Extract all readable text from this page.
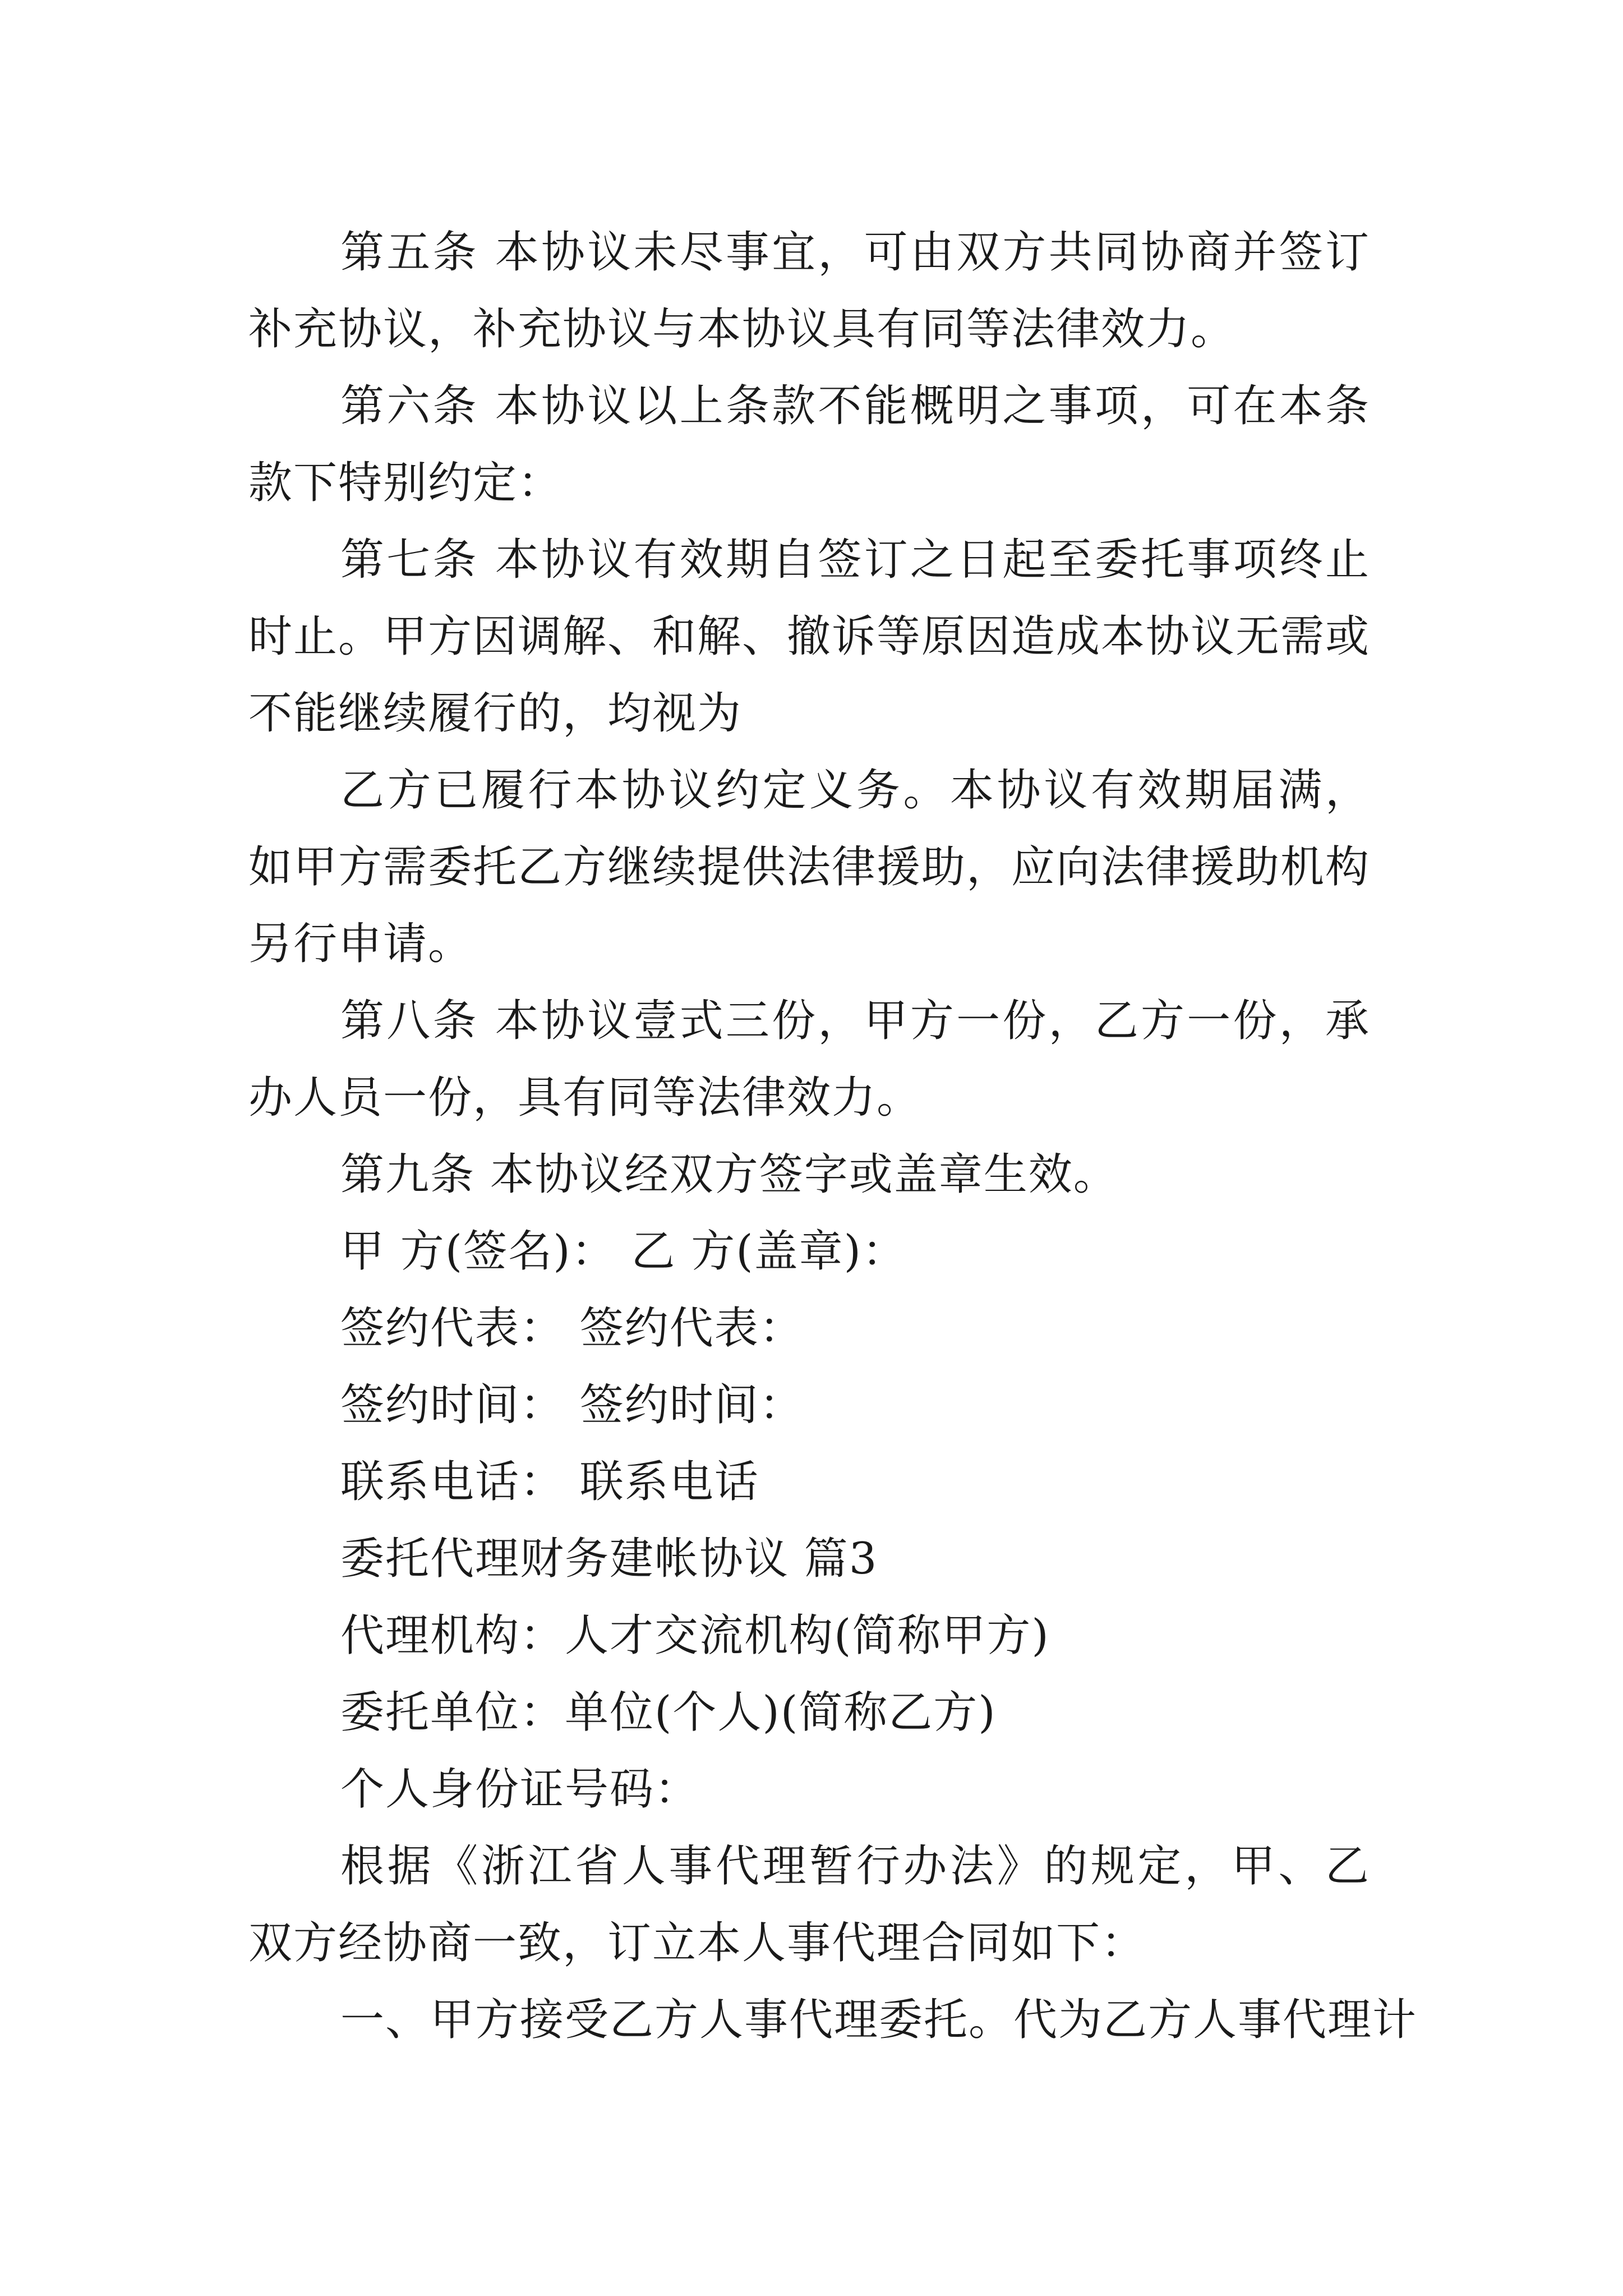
第五条 本协议未尽事宜，可由双方共同协商并签订补充协议，补充协议与本协议具有同等法律效力。

第六条 本协议以上条款不能概明之事项，可在本条款下特别约定：

第七条 本协议有效期自签订之日起至委托事项终止时止。甲方因调解、和解、撤诉等原因造成本协议无需或不能继续履行的，均视为

乙方已履行本协议约定义务。本协议有效期届满，如甲方需委托乙方继续提供法律援助，应向法律援助机构另行申请。

第八条 本协议壹式三份，甲方一份，乙方一份，承办人员一份，具有同等法律效力。

第九条 本协议经双方签字或盖章生效。

甲 方(签名)： 乙 方(盖章)：

签约代表： 签约代表：

签约时间： 签约时间：

联系电话： 联系电话

委托代理财务建帐协议 篇3

代理机构：人才交流机构(简称甲方)

委托单位：单位(个人)(简称乙方)

个人身份证号码：

根据《浙江省人事代理暂行办法》的规定，甲、乙双方经协商一致，订立本人事代理合同如下：

一、甲方接受乙方人事代理委托。代为乙方人事代理计
